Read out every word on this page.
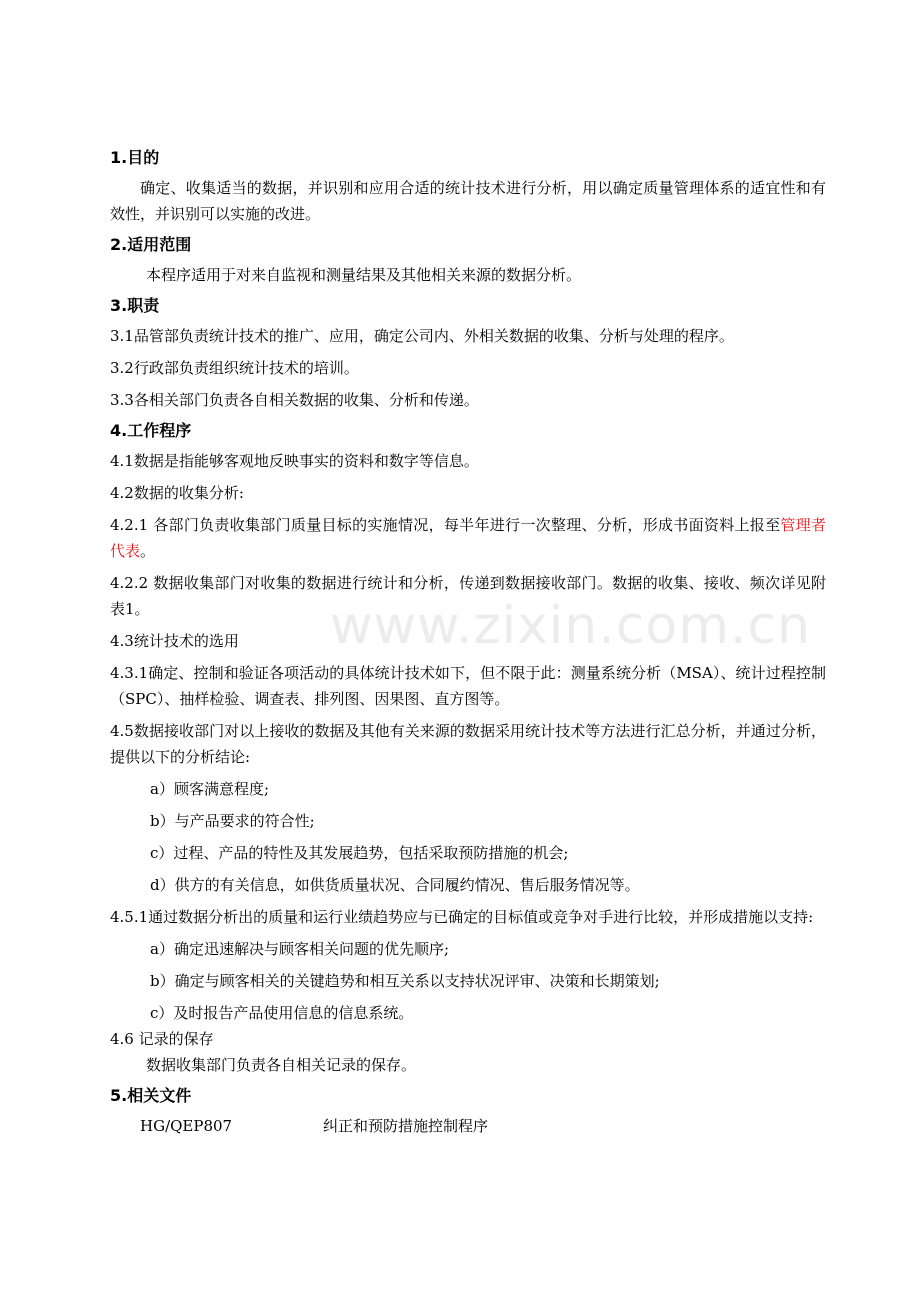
www.zixin.com.cn
1.目的
确定、收集适当的数据，并识别和应用合适的统计技术进行分析，用以确定质量管理体系的适宜性和有效性，并识别可以实施的改进。
2.适用范围
本程序适用于对来自监视和测量结果及其他相关来源的数据分析。
3.职责
3.1品管部负责统计技术的推广、应用，确定公司内、外相关数据的收集、分析与处理的程序。
3.2行政部负责组织统计技术的培训。
3.3各相关部门负责各自相关数据的收集、分析和传递。
4.工作程序
4.1数据是指能够客观地反映事实的资料和数字等信息。
4.2数据的收集分析:
4.2.1 各部门负责收集部门质量目标的实施情况，每半年进行一次整理、分析，形成书面资料上报至管理者代表。
4.2.2 数据收集部门对收集的数据进行统计和分析，传递到数据接收部门。数据的收集、接收、频次详见附表1。
4.3统计技术的选用
4.3.1确定、控制和验证各项活动的具体统计技术如下，但不限于此：测量系统分析（MSA）、统计过程控制（SPC）、抽样检验、调查表、排列图、因果图、直方图等。
4.5数据接收部门对以上接收的数据及其他有关来源的数据采用统计技术等方法进行汇总分析，并通过分析，提供以下的分析结论:
a）顾客满意程度;
b）与产品要求的符合性;
c）过程、产品的特性及其发展趋势，包括采取预防措施的机会;
d）供方的有关信息，如供货质量状况、合同履约情况、售后服务情况等。
4.5.1通过数据分析出的质量和运行业绩趋势应与已确定的目标值或竞争对手进行比较，并形成措施以支持:
a）确定迅速解决与顾客相关问题的优先顺序;
b）确定与顾客相关的关键趋势和相互关系以支持状况评审、决策和长期策划;
c）及时报告产品使用信息的信息系统。
4.6 记录的保存
数据收集部门负责各自相关记录的保存。
5.相关文件
HG/QEP807	纠正和预防措施控制程序
